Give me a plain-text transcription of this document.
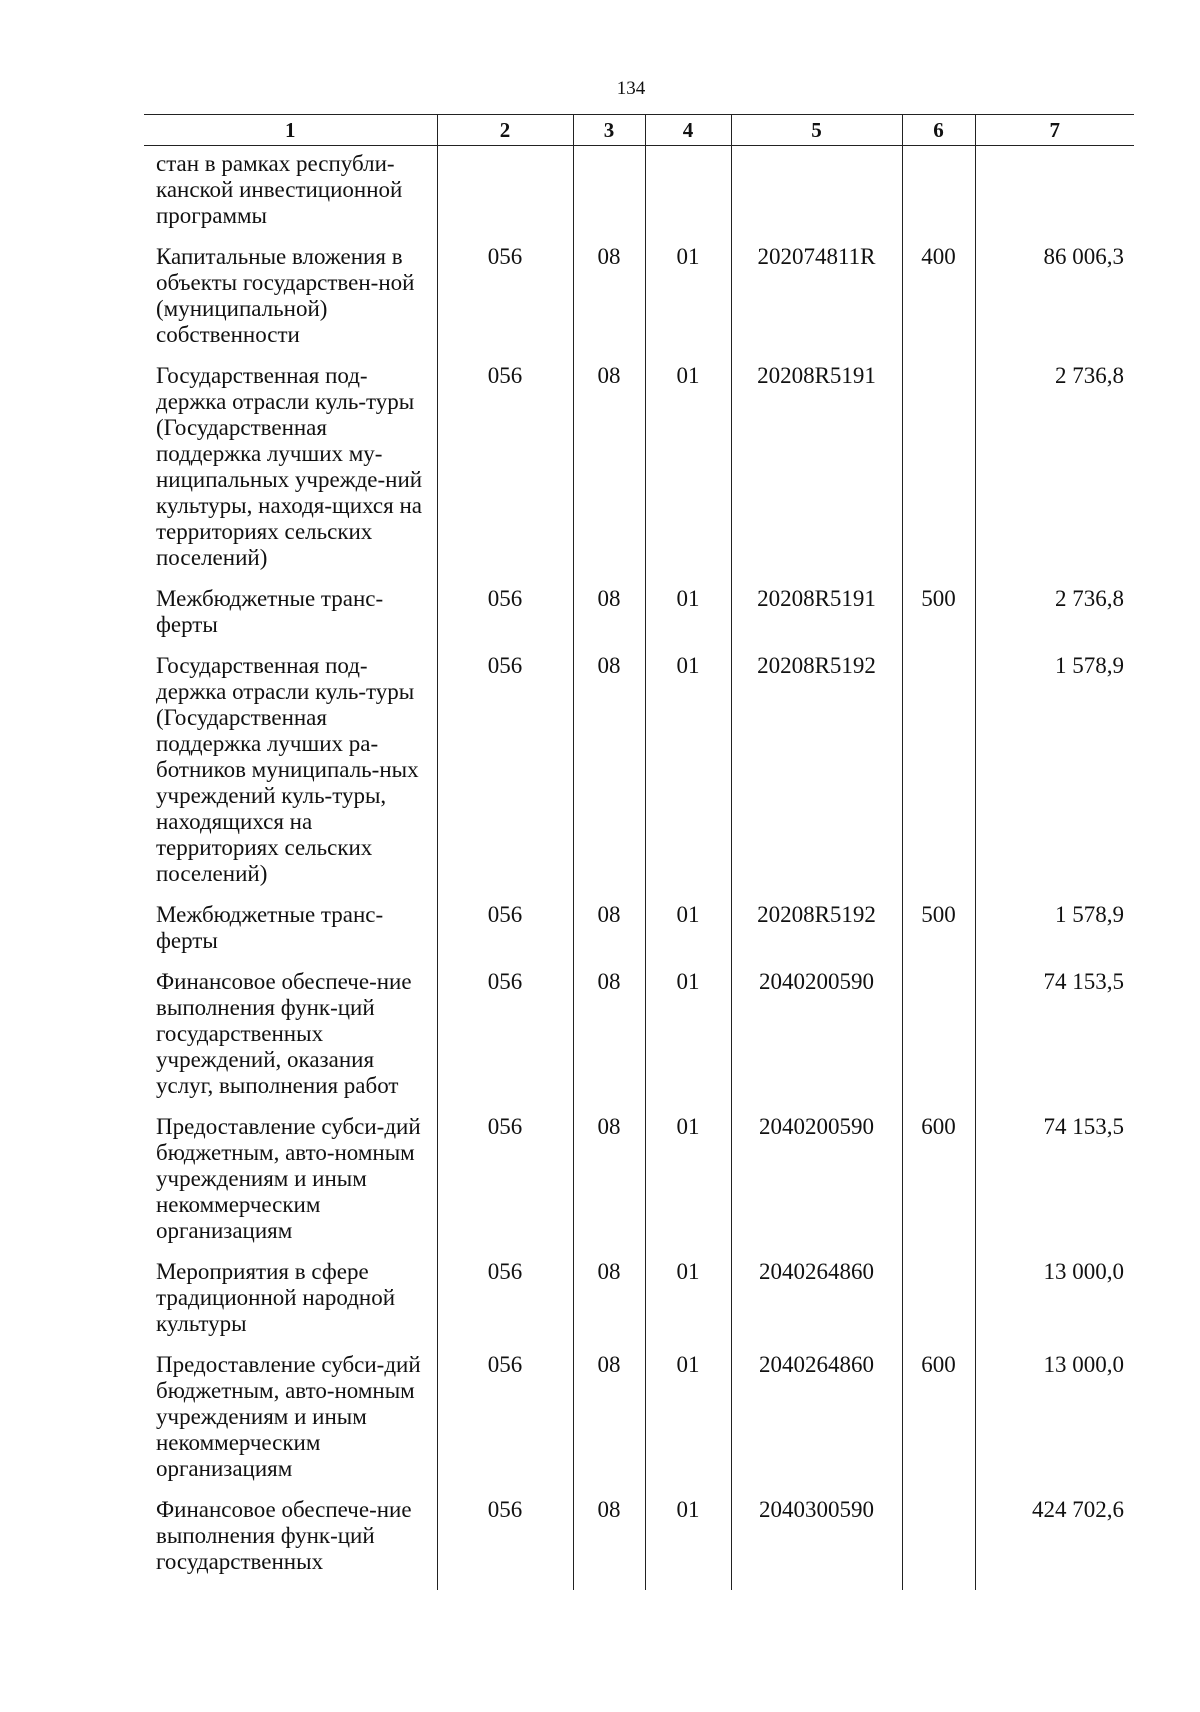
134
1	2	3	4	5	6	7

стан в рамках республи-канской инвестиционной программы						
Капитальные вложения в объекты государствен-ной (муниципальной) собственности	056	08	01	202074811R	400	86 006,3
Государственная под-держка отрасли куль-туры (Государственная поддержка лучших му-ниципальных учрежде-ний культуры, находя-щихся на территориях сельских поселений)	056	08	01	20208R5191		2 736,8
Межбюджетные транс-ферты	056	08	01	20208R5191	500	2 736,8
Государственная под-держка отрасли куль-туры (Государственная поддержка лучших ра-ботников муниципаль-ных учреждений куль-туры, находящихся на территориях сельских поселений)	056	08	01	20208R5192		1 578,9
Межбюджетные транс-ферты	056	08	01	20208R5192	500	1 578,9
Финансовое обеспече-ние выполнения функ-ций государственных учреждений, оказания услуг, выполнения работ	056	08	01	2040200590		74 153,5
Предоставление субси-дий бюджетным, авто-номным учреждениям и иным некоммерческим организациям	056	08	01	2040200590	600	74 153,5
Мероприятия в сфере традиционной народной культуры	056	08	01	2040264860		13 000,0
Предоставление субси-дий бюджетным, авто-номным учреждениям и иным некоммерческим организациям	056	08	01	2040264860	600	13 000,0
Финансовое обеспече-ние выполнения функ-ций государственных	056	08	01	2040300590		424 702,6
